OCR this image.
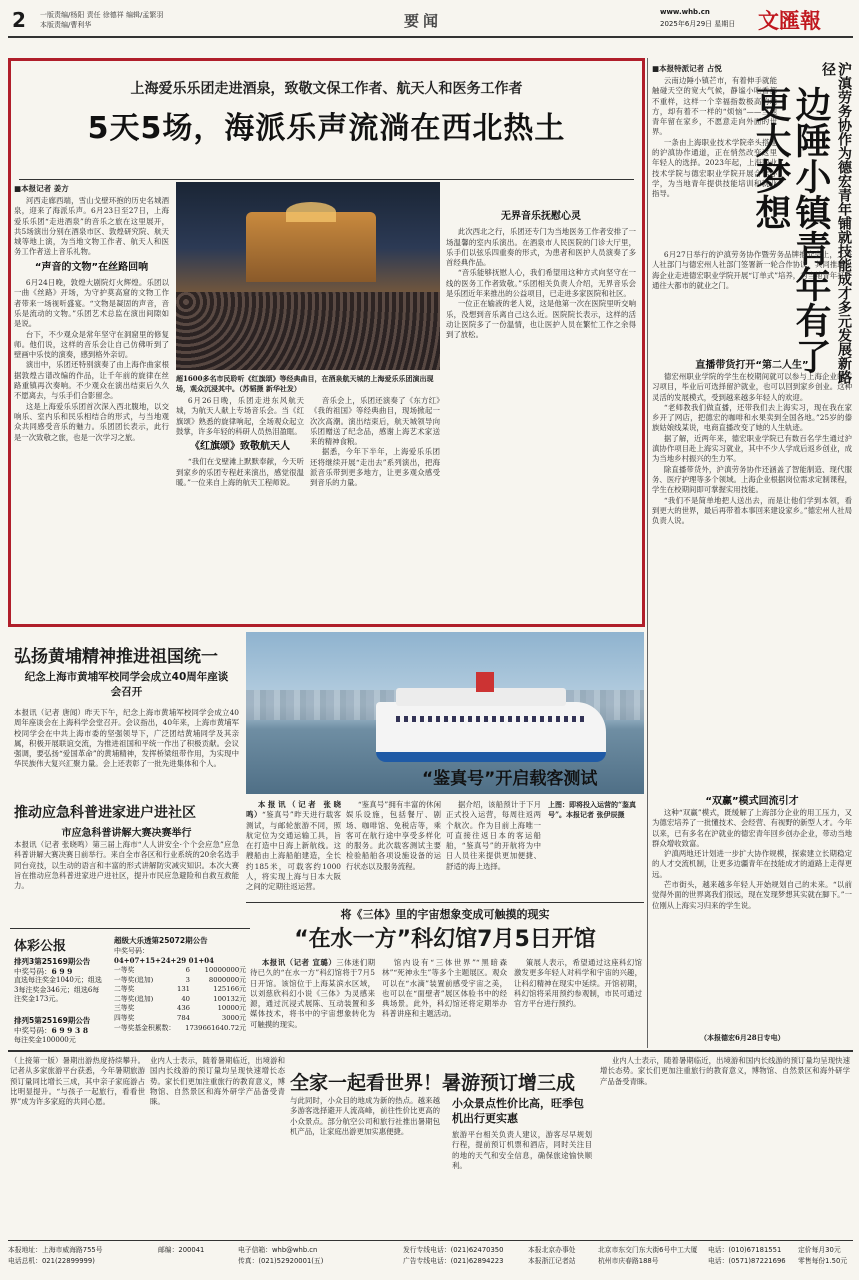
2 一版责编/杨阳 责任 徐德祥 编辑/孟繁羽
本版责编/曹利华	要闻	www.whb.cn
2025年6月29日 星期日 文匯報
上海爱乐乐团走进酒泉，致敬文保工作者、航天人和医务工作者
5天5场，海派乐声流淌在西北热土
■本报记者 姜方

河西走廊西端，雪山戈壁环抱的历史名城酒泉，迎来了海派乐声。6月23日至27日，上海爱乐乐团“走进酒泉”的音乐之旅在这里展开，共5场演出分别在酒泉市区、敦煌研究院、航天城等地上演，为当地文物工作者、航天人和医务工作者送上音乐礼物。

“声音的文物”在丝路回响

6月24日晚，敦煌大剧院灯火辉煌。乐团以一曲《丝路》开场，为守护莫高窟的文物工作者带来一场视听盛宴。“文物是凝固的声音，音乐是流动的文物。”乐团艺术总监在演出间隙如是说。

台下，不少观众是常年坚守在洞窟里的修复师。他们说，这样的音乐会让自己仿佛听到了壁画中乐伎的演奏，感到格外亲切。

演出中，乐团还特别演奏了由上海作曲家根据敦煌古谱改编的作品，让千年前的旋律在丝路重镇再次奏响。不少观众在演出结束后久久不愿离去，与乐手们合影留念。

这是上海爱乐乐团首次深入西北腹地，以交响乐、室内乐和民乐相结合的形式，与当地观众共同感受音乐的魅力。乐团团长表示，此行是一次致敬之旅，也是一次学习之旅。

超1600多名市民聆听《红旗颂》等经典曲目，在酒泉航天城的上海爱乐乐团演出现场，观众沉浸其中。（苏韬摄 新华社发）

6月26日晚，乐团走进东风航天城，为航天人献上专场音乐会。当《红旗颂》熟悉的旋律响起，全场观众起立鼓掌，许多年轻的科研人员热泪盈眶。

《红旗颂》致敬航天人

“我们在戈壁滩上默默奉献，今天听到家乡的乐团专程赶来演出，感觉很温暖。”一位来自上海的航天工程师说。

音乐会上，乐团还演奏了《东方红》《我的祖国》等经典曲目，现场掀起一次次高潮。演出结束后，航天城领导向乐团赠送了纪念品，感谢上海艺术家送来的精神食粮。

据悉，今年下半年，上海爱乐乐团还将继续开展“走出去”系列演出，把海派音乐带到更多地方，让更多观众感受到音乐的力量。

无界音乐抚慰心灵

此次西北之行，乐团还专门为当地医务工作者安排了一场温馨的室内乐演出。在酒泉市人民医院的门诊大厅里，乐手们以弦乐四重奏的形式，为患者和医护人员演奏了多首经典作品。

“音乐能够抚慰人心，我们希望用这种方式向坚守在一线的医务工作者致敬。”乐团相关负责人介绍，无界音乐会是乐团近年来推出的公益项目，已走进多家医院和社区。

一位正在输液的老人说，这是他第一次在医院里听交响乐，没想到音乐离自己这么近。医院院长表示，这样的活动让医院多了一份温情，也让医护人员在繁忙工作之余得到了放松。

■本报特派记者 占悦

云南边陲小镇芒市，有着伸手就能触碰天空的宽大气候，静谧小吃香都不重样，这样一个幸福指数极高的地方，却有着不一样的“烦恼”——当地青年留在家乡，不愿意走向外面的世界。

一条由上海职业技术学院牵头搭建的沪滇协作通道，正在悄然改变这里年轻人的选择。2023年起，上海职业技术学院与德宏职业学院开展合作办学，为当地青年提供技能培训和就业指导。	沪滇劳务协作为德宏青年铺就技能成才多元发展新路径
边陲小镇青年有了更大梦想

6月27日举行的沪滇劳务协作暨劳务品牌推介会上，上海人社部门与德宏州人社部门签署新一轮合作协议，共同推动上海企业走进德宏职业学院开展“订单式”培养，为当地青年打开通往大都市的就业之门。

直播带货打开“第二人生”

德宏州职业学院的学生在校期间就可以参与上海企业的实习项目，毕业后可选择留沪就业，也可以回到家乡创业。这种灵活的发展模式，受到越来越多年轻人的欢迎。

“老师教我们做直播，还带我们去上海实习，现在我在家乡开了网店，把德宏的咖啡和水果卖到全国各地。”25岁的傣族姑娘线某说，电商直播改变了她的人生轨迹。

据了解，近两年来，德宏职业学院已有数百名学生通过沪滇协作项目赴上海实习就业，其中不少人学成后返乡创业，成为当地乡村振兴的生力军。

除直播带货外，沪滇劳务协作还涵盖了智能制造、现代服务、医疗护理等多个领域。上海企业根据岗位需求定制课程，学生在校期间即可掌握实用技能。

“我们不是简单地把人送出去，而是让他们学到本领，看到更大的世界，最后再带着本事回来建设家乡。”德宏州人社局负责人说。

“双赢”模式回流引才

这种“双赢”模式，既缓解了上海部分企业的用工压力，又为德宏培养了一批懂技术、会经营、有视野的新型人才。今年以来，已有多名在沪就业的德宏青年回乡创办企业，带动当地群众增收致富。

沪滇两地还计划进一步扩大协作规模，探索建立长期稳定的人才交流机制，让更多边疆青年在技能成才的道路上走得更远。

芒市街头，越来越多年轻人开始规划自己的未来。“以前觉得外面的世界离我们很远，现在发现梦想其实就在脚下。”一位刚从上海实习归来的学生说。

（本报德宏6月28日专电）
弘扬黄埔精神推进祖国统一
纪念上海市黄埔军校同学会成立40周年座谈会召开
本报讯（记者 唐闻）昨天下午，纪念上海市黄埔军校同学会成立40周年座谈会在上海科学会堂召开。会议指出，40年来，上海市黄埔军校同学会在中共上海市委的坚强领导下，广泛团结黄埔同学及其亲属，积极开展联谊交流，为推进祖国和平统一作出了积极贡献。会议强调，要弘扬“爱国革命”的黄埔精神，发挥桥梁纽带作用，为实现中华民族伟大复兴汇聚力量。会上还表彰了一批先进集体和个人。
推动应急科普进家进户进社区
市应急科普讲解大赛决赛举行
本报讯（记者 张晓鸣）第三届上海市“人人讲安全·个个会应急”应急科普讲解大赛决赛日前举行。来自全市各区和行业系统的20余名选手同台竞技，以生动的语言和丰富的形式讲解防灾减灾知识。本次大赛旨在推动应急科普进家进户进社区，提升市民应急避险和自救互救能力。
体彩公报
排列3第25169期公告
中奖号码：6 9 9
直选每注奖金1040元；组选3每注奖金346元；组选6每注奖金173元。
排列5第25169期公告
中奖号码：6 9 9 3 8
每注奖金100000元
超级大乐透第25072期公告
中奖号码：
04+07+15+24+29 01+04
一等奖	6	10000000元
一等奖(追加)	3	8000000元
二等奖	131	125166元
二等奖(追加)	40	100132元
三等奖	436	10000元
四等奖	784	3000元
一等奖基金积累数：	1739661640.72元
“鉴真号”开启载客测试

本报讯（记者 张晓鸣）“鉴真号”昨天进行载客测试，与邮轮旅游不同，照航定位为交通运输工具，旨在打造中日海上新航线。这艘船由上海船舶建造，全长约185米，可载客约1000人，将实现上海与日本大阪之间的定期往返运营。

“鉴真号”拥有丰富的休闲娱乐设施，包括餐厅、剧场、咖啡馆、免税店等，乘客可在航行途中享受多样化的服务。此次载客测试主要检验船舶各项设施设备的运行状态以及服务流程。

据介绍，该船预计于下月正式投入运营，每周往返两个航次。作为目前上海唯一可直接往返日本的客运船舶，“鉴真号”的开航将为中日人员往来提供更加便捷、舒适的海上选择。

上图：即将投入运营的“鉴真号”。本报记者 张伊辰摄
将《三体》里的宇宙想象变成可触摸的现实
“在水一方”科幻馆7月5日开馆

本报讯（记者 宣璐）三体迷们期待已久的“在水一方”科幻馆将于7月5日开馆。该馆位于上海某滨水区域，以刘慈欣科幻小说《三体》为灵感来源，通过沉浸式展陈、互动装置和多媒体技术，将书中的宇宙想象转化为可触摸的现实。

馆内设有“三体世界”“黑暗森林”“死神永生”等多个主题展区。观众可以在“水滴”装置前感受宇宙之美，也可以在“面壁者”展区体验书中的经典场景。此外，科幻馆还将定期举办科普讲座和主题活动。

策展人表示，希望通过这座科幻馆激发更多年轻人对科学和宇宙的兴趣，让科幻精神在现实中延续。开馆初期，科幻馆将采用预约参观制，市民可通过官方平台进行预约。

（上接第一版）暑期出游热度持续攀升。记者从多家旅游平台获悉，今年暑期旅游预订量同比增长三成，其中亲子家庭游占比明显提升。“与孩子一起旅行，看看世界”成为许多家庭的共同心愿。
业内人士表示，随着暑期临近，出境游和国内长线游的预订量均呈现快速增长态势。家长们更加注重旅行的教育意义，博物馆、自然景区和海外研学产品备受青睐。
全家一起看世界！暑游预订增三成
与此同时，小众目的地成为新的热点。越来越多游客选择避开人流高峰，前往性价比更高的小众景点。部分航空公司和旅行社推出暑期包机产品，让家庭出游更加实惠便捷。
小众景点性价比高，旺季包机出行更实惠
旅游平台相关负责人建议，游客尽早规划行程，提前预订机票和酒店，同时关注目的地的天气和安全信息，确保旅途愉快顺利。

业内人士表示，随着暑期临近，出境游和国内长线游的预订量均呈现快速增长态势。家长们更加注重旅行的教育意义，博物馆、自然景区和海外研学产品备受青睐。

本报地址：上海市威海路755号
电话总机：021(22899999)
邮编：200041	电子信箱：whb@whb.cn
传真：(021)52920001(五)
发行专线电话：(021)62470350
广告专线电话：(021)62894223
本报北京办事处
本报浙江记者站
北京市东交门东大街6号中工大厦
杭州市庆春路188号
电话：(010)67181551
电话：(0571)87221696
定价每月30元
零售每份1.50元
